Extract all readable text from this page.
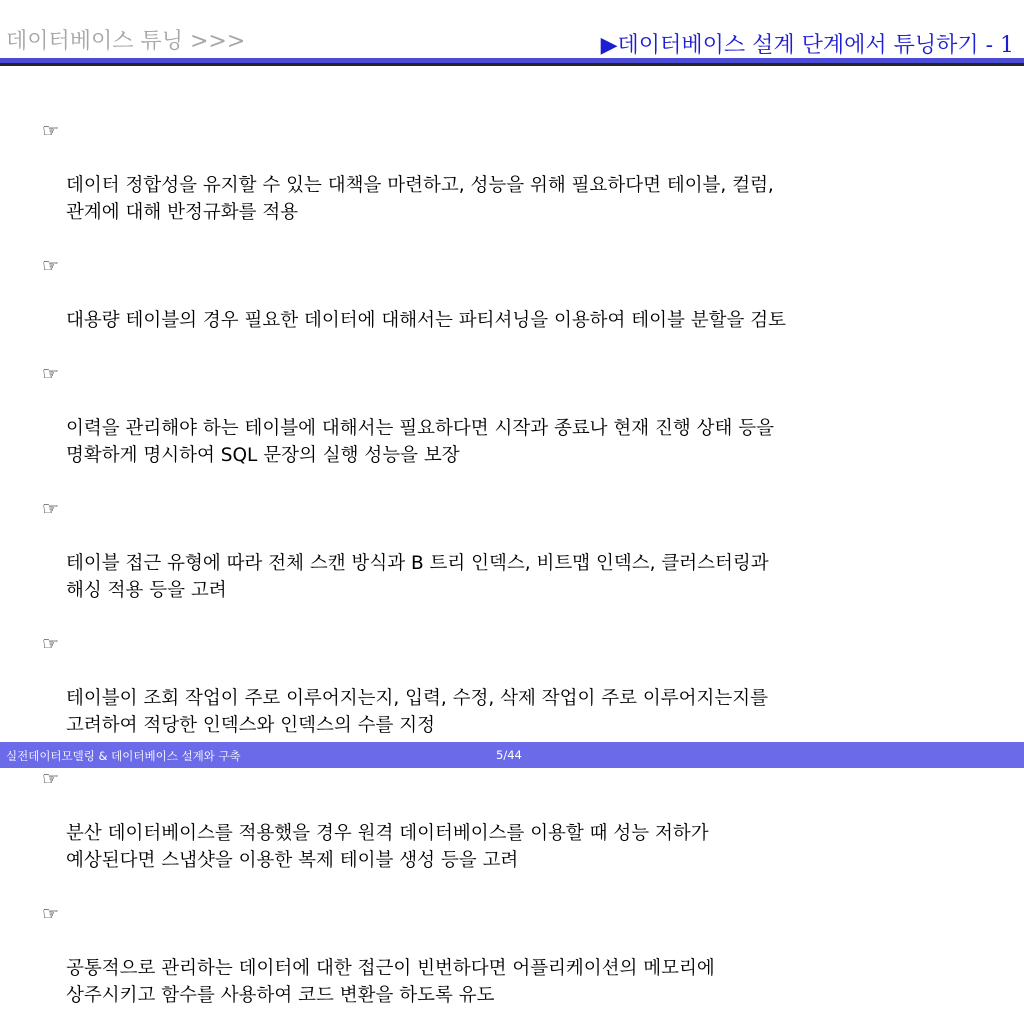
데이터베이스 튜닝 >>>	▶데이터베이스 설계 단계에서 튜닝하기 - 1

☞

데이터 정합성을 유지할 수 있는 대책을 마련하고, 성능을 위해 필요하다면 테이블, 컬럼,
관계에 대해 반정규화를 적용

☞

대용량 테이블의 경우 필요한 데이터에 대해서는 파티셔닝을 이용하여 테이블 분할을 검토

☞

이력을 관리해야 하는 테이블에 대해서는 필요하다면 시작과 종료나 현재 진행 상태 등을
명확하게 명시하여 SQL 문장의 실행 성능을 보장

☞

테이블 접근 유형에 따라 전체 스캔 방식과 B 트리 인덱스, 비트맵 인덱스, 클러스터링과
해싱 적용 등을 고려

☞

테이블이 조회 작업이 주로 이루어지는지, 입력, 수정, 삭제 작업이 주로 이루어지는지를
고려하여 적당한 인덱스와 인덱스의 수를 지정

☞

분산 데이터베이스를 적용했을 경우 원격 데이터베이스를 이용할 때 성능 저하가
예상된다면 스냅샷을 이용한 복제 테이블 생성 등을 고려

☞

공통적으로 관리하는 데이터에 대한 접근이 빈번하다면 어플리케이션의 메모리에
상주시키고 함수를 사용하여 코드 변환을 하도록 유도

실전데이터모델링 & 데이터베이스 설계와 구축	5/44
